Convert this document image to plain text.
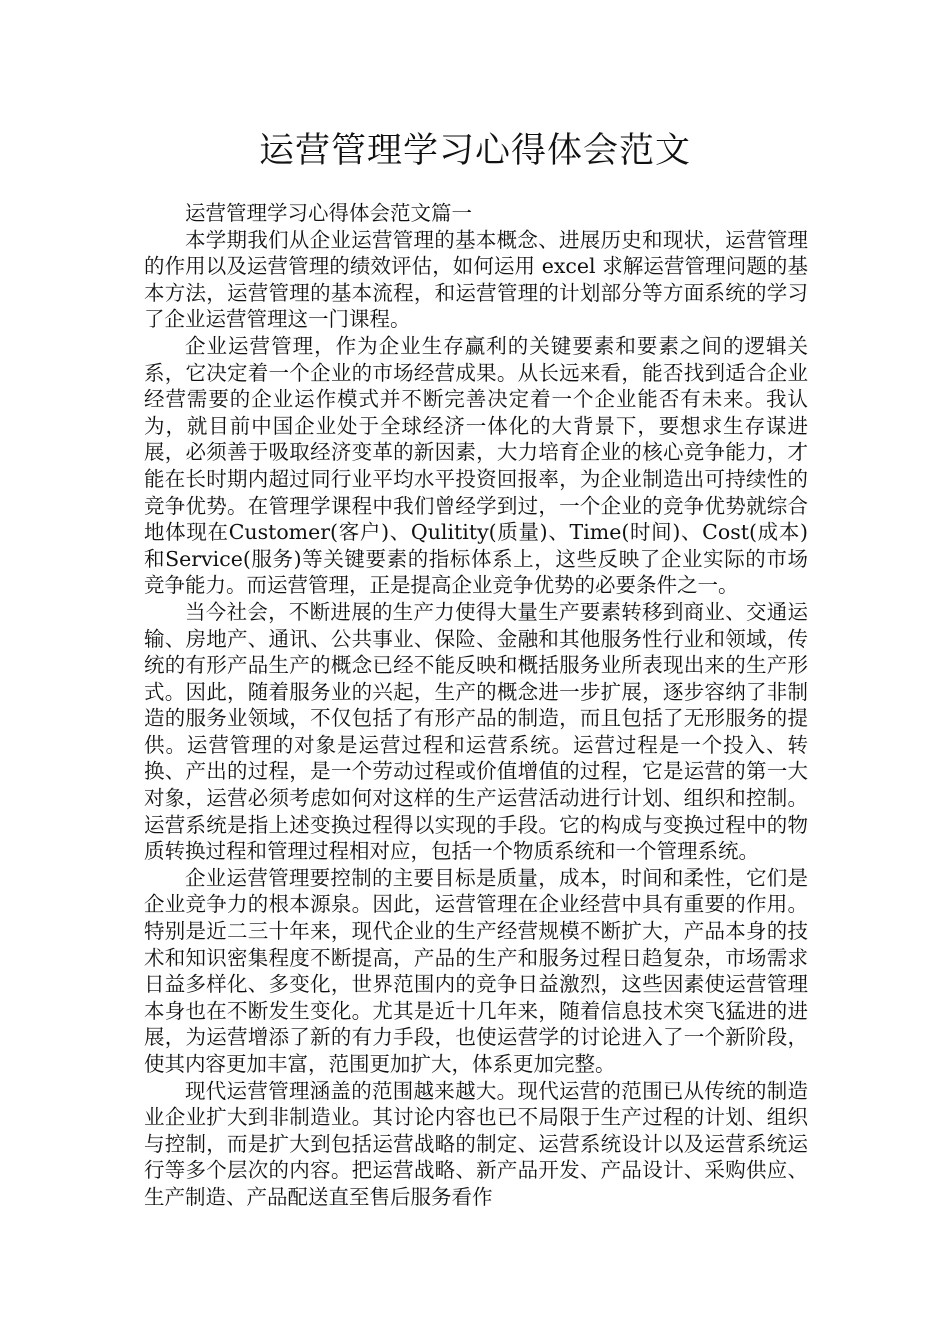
运营管理学习心得体会范文

运营管理学习心得体会范文篇一

本学期我们从企业运营管理的基本概念、进展历史和现状，运营管理的作用以及运营管理的绩效评估，如何运用 excel 求解运营管理问题的基本方法，运营管理的基本流程，和运营管理的计划部分等方面系统的学习了企业运营管理这一门课程。

企业运营管理，作为企业生存赢利的关键要素和要素之间的逻辑关系，它决定着一个企业的市场经营成果。从长远来看，能否找到适合企业经营需要的企业运作模式并不断完善决定着一个企业能否有未来。我认为，就目前中国企业处于全球经济一体化的大背景下，要想求生存谋进展，必须善于吸取经济变革的新因素，大力培育企业的核心竞争能力，才能在长时期内超过同行业平均水平投资回报率，为企业制造出可持续性的竞争优势。在管理学课程中我们曾经学到过，一个企业的竞争优势就综合地体现在Customer(客户)、Qulitity(质量)、Time(时间)、Cost(成本)和Service(服务)等关键要素的指标体系上，这些反映了企业实际的市场竞争能力。而运营管理，正是提高企业竞争优势的必要条件之一。

当今社会，不断进展的生产力使得大量生产要素转移到商业、交通运输、房地产、通讯、公共事业、保险、金融和其他服务性行业和领域，传统的有形产品生产的概念已经不能反映和概括服务业所表现出来的生产形式。因此，随着服务业的兴起，生产的概念进一步扩展，逐步容纳了非制造的服务业领域，不仅包括了有形产品的制造，而且包括了无形服务的提供。运营管理的对象是运营过程和运营系统。运营过程是一个投入、转换、产出的过程，是一个劳动过程或价值增值的过程，它是运营的第一大对象，运营必须考虑如何对这样的生产运营活动进行计划、组织和控制。运营系统是指上述变换过程得以实现的手段。它的构成与变换过程中的物质转换过程和管理过程相对应，包括一个物质系统和一个管理系统。

企业运营管理要控制的主要目标是质量，成本，时间和柔性，它们是企业竞争力的根本源泉。因此，运营管理在企业经营中具有重要的作用。特别是近二三十年来，现代企业的生产经营规模不断扩大，产品本身的技术和知识密集程度不断提高，产品的生产和服务过程日趋复杂，市场需求日益多样化、多变化，世界范围内的竞争日益激烈，这些因素使运营管理本身也在不断发生变化。尤其是近十几年来，随着信息技术突飞猛进的进展，为运营增添了新的有力手段，也使运营学的讨论进入了一个新阶段，使其内容更加丰富，范围更加扩大，体系更加完整。

现代运营管理涵盖的范围越来越大。现代运营的范围已从传统的制造业企业扩大到非制造业。其讨论内容也已不局限于生产过程的计划、组织与控制，而是扩大到包括运营战略的制定、运营系统设计以及运营系统运行等多个层次的内容。把运营战略、新产品开发、产品设计、采购供应、生产制造、产品配送直至售后服务看作
